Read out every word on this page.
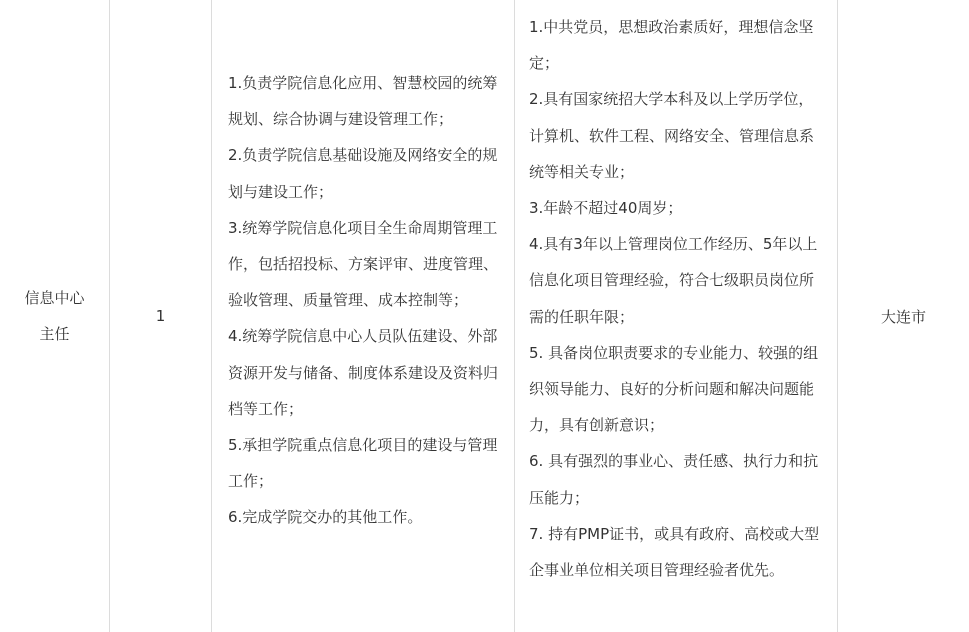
信息中心
主任
1

1.负责学院信息化应用、智慧校园的统筹规划、综合协调与建设管理工作；

2.负责学院信息基础设施及网络安全的规划与建设工作；

3.统筹学院信息化项目全生命周期管理工作，包括招投标、方案评审、进度管理、验收管理、质量管理、成本控制等；

4.统筹学院信息中心人员队伍建设、外部资源开发与储备、制度体系建设及资料归档等工作；

5.承担学院重点信息化项目的建设与管理工作；

6.完成学院交办的其他工作。

1.中共党员，思想政治素质好，理想信念坚定；

2.具有国家统招大学本科及以上学历学位，计算机、软件工程、网络安全、管理信息系统等相关专业；

3.年龄不超过40周岁；

4.具有3年以上管理岗位工作经历、5年以上信息化项目管理经验，符合七级职员岗位所需的任职年限；

5. 具备岗位职责要求的专业能力、较强的组织领导能力、良好的分析问题和解决问题能力，具有创新意识；

6. 具有强烈的事业心、责任感、执行力和抗压能力；

7. 持有PMP证书，或具有政府、高校或大型企事业单位相关项目管理经验者优先。

大连市
